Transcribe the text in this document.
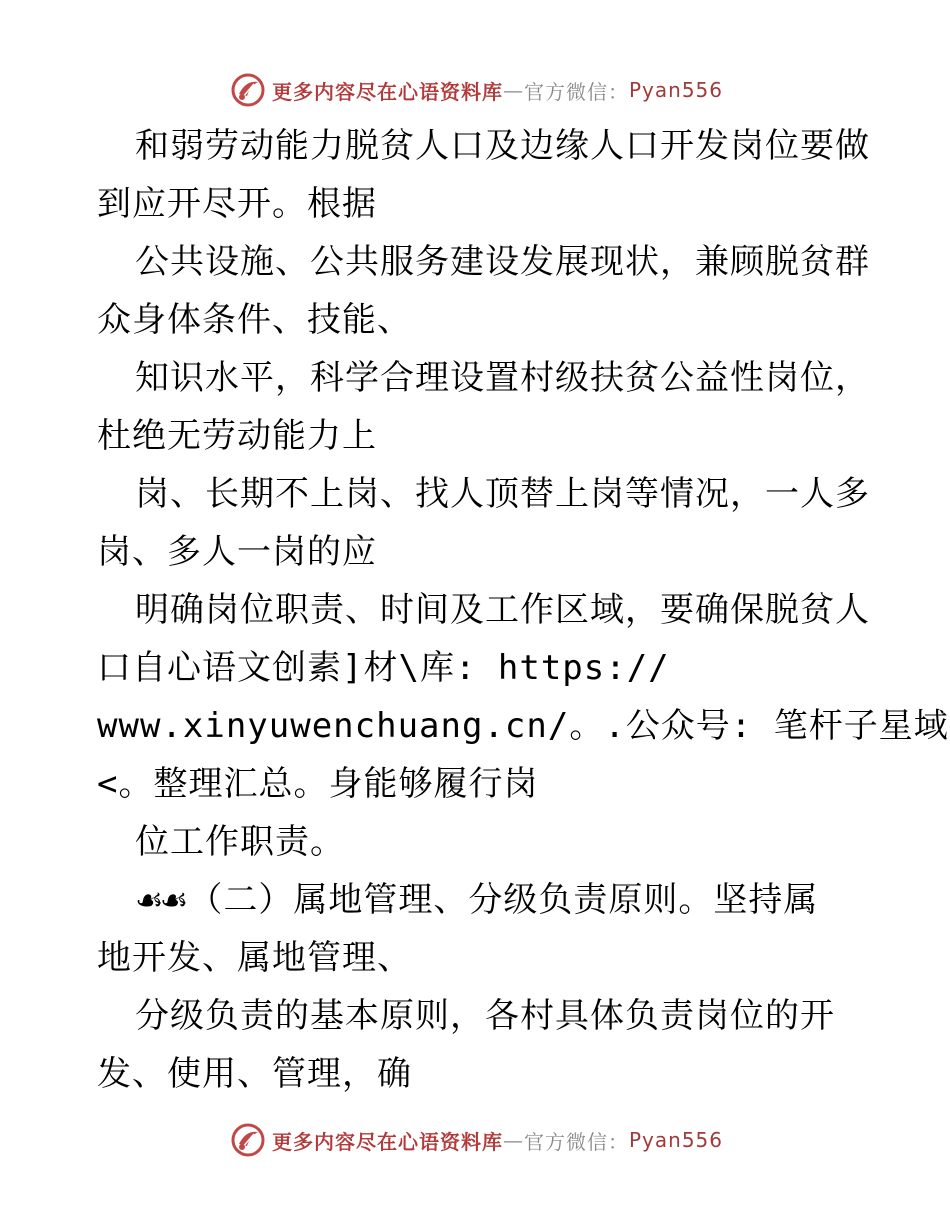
更多内容尽在心语资料库 — 官方微信： Pyan556
和弱劳动能力脱贫人口及边缘人口开发岗位要做
到应开尽开。根据
公共设施、公共服务建设发展现状，兼顾脱贫群
众身体条件、技能、
知识水平，科学合理设置村级扶贫公益性岗位，
杜绝无劳动能力上
岗、长期不上岗、找人顶替上岗等情况，一人多
岗、多人一岗的应
明确岗位职责、时间及工作区域，要确保脱贫人
口自心语文创素]材\库: https://
www.xinyuwenchuang.cn/。.公众号: 笔杆子星域
<。整理汇总。身能够履行岗
位工作职责。
☙☙ （二）属地管理、分级负责原则。坚持属
地开发、属地管理、
分级负责的基本原则，各村具体负责岗位的开
发、使用、管理，确
更多内容尽在心语资料库 — 官方微信： Pyan556
